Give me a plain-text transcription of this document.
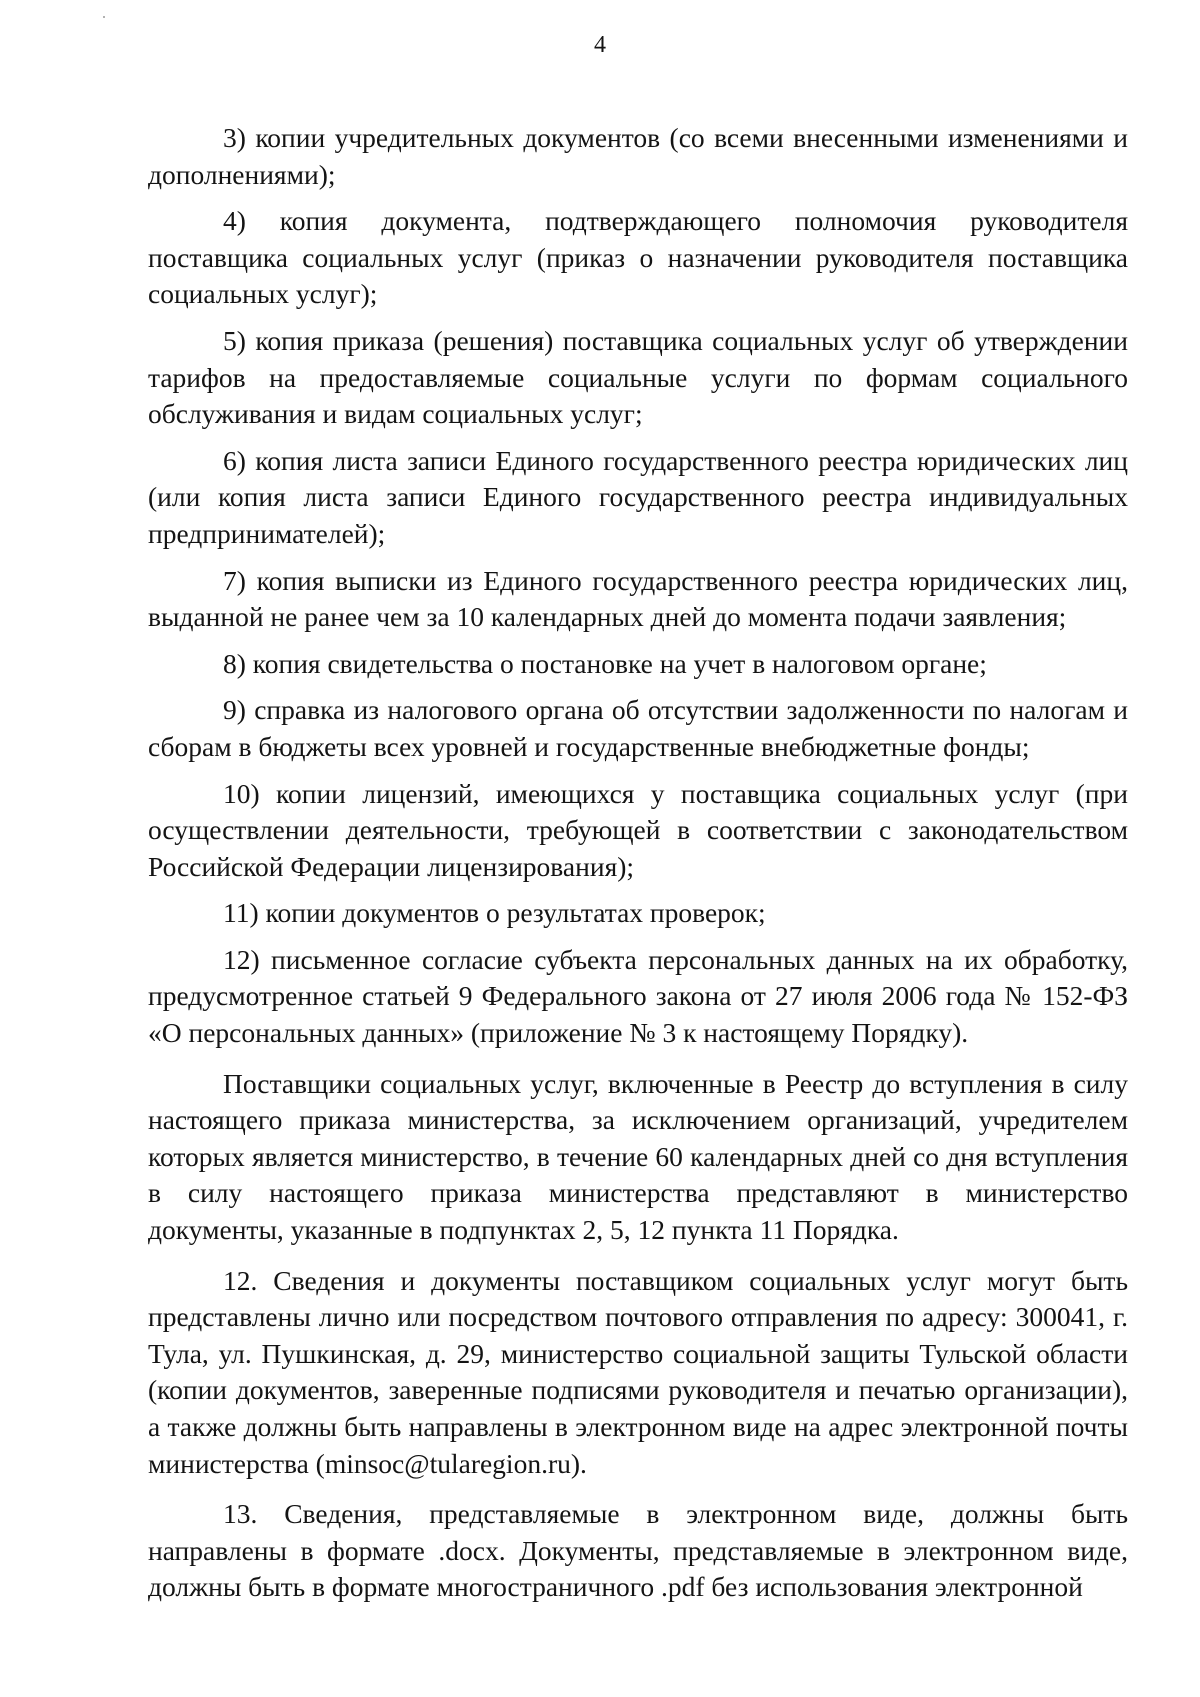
4

3) копии учредительных документов (со всеми внесенными изменениями и дополнениями);

4) копия документа, подтверждающего полномочия руководителя поставщика социальных услуг (приказ о назначении руководителя поставщика социальных услуг);

5) копия приказа (решения) поставщика социальных услуг об утверждении тарифов на предоставляемые социальные услуги по формам социального обслуживания и видам социальных услуг;

6) копия листа записи Единого государственного реестра юридических лиц (или копия листа записи Единого государственного реестра индивидуальных предпринимателей);

7) копия выписки из Единого государственного реестра юридических лиц, выданной не ранее чем за 10 календарных дней до момента подачи заявления;

8) копия свидетельства о постановке на учет в налоговом органе;

9) справка из налогового органа об отсутствии задолженности по налогам и сборам в бюджеты всех уровней и государственные внебюджетные фонды;

10) копии лицензий, имеющихся у поставщика социальных услуг (при осуществлении деятельности, требующей в соответствии с законодательством Российской Федерации лицензирования);

11) копии документов о результатах проверок;

12) письменное согласие субъекта персональных данных на их обработку, предусмотренное статьей 9 Федерального закона от 27 июля 2006 года № 152-ФЗ «О персональных данных» (приложение № 3 к настоящему Порядку).

Поставщики социальных услуг, включенные в Реестр до вступления в силу настоящего приказа министерства, за исключением организаций, учредителем которых является министерство, в течение 60 календарных дней со дня вступления в силу настоящего приказа министерства представляют в министерство документы, указанные в подпунктах 2, 5, 12 пункта 11 Порядка.

12. Сведения и документы поставщиком социальных услуг могут быть представлены лично или посредством почтового отправления по адресу: 300041, г. Тула, ул. Пушкинская, д. 29, министерство социальной защиты Тульской области (копии документов, заверенные подписями руководителя и печатью организации), а также должны быть направлены в электронном виде на адрес электронной почты министерства (minsoc@tularegion.ru).

13. Сведения, представляемые в электронном виде, должны быть направлены в формате .docx. Документы, представляемые в электронном виде, должны быть в формате многостраничного .pdf без использования электронной
